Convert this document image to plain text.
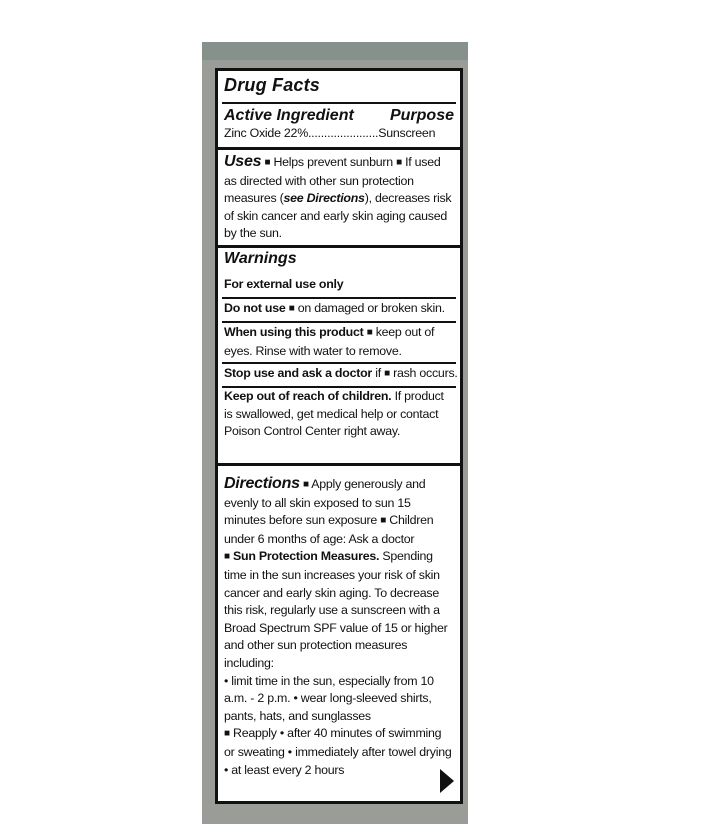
Drug Facts
Active Ingredient Purpose
Zinc Oxide 22%......................Sunscreen
Uses ■ Helps prevent sunburn ■ If used as directed with other sun protection measures (see Directions), decreases risk of skin cancer and early skin aging caused by the sun.
Warnings
For external use only
Do not use ■ on damaged or broken skin.
When using this product ■ keep out of eyes. Rinse with water to remove.
Stop use and ask a doctor if ■ rash occurs.
Keep out of reach of children. If product is swallowed, get medical help or contact Poison Control Center right away.
Directions ■ Apply generously and evenly to all skin exposed to sun 15 minutes before sun exposure ■ Children under 6 months of age: Ask a doctor
■ Sun Protection Measures. Spending time in the sun increases your risk of skin cancer and early skin aging. To decrease this risk, regularly use a sunscreen with a Broad Spectrum SPF value of 15 or higher and other sun protection measures including:
• limit time in the sun, especially from 10 a.m. - 2 p.m. • wear long-sleeved shirts, pants, hats, and sunglasses
■ Reapply • after 40 minutes of swimming or sweating • immediately after towel drying • at least every 2 hours
